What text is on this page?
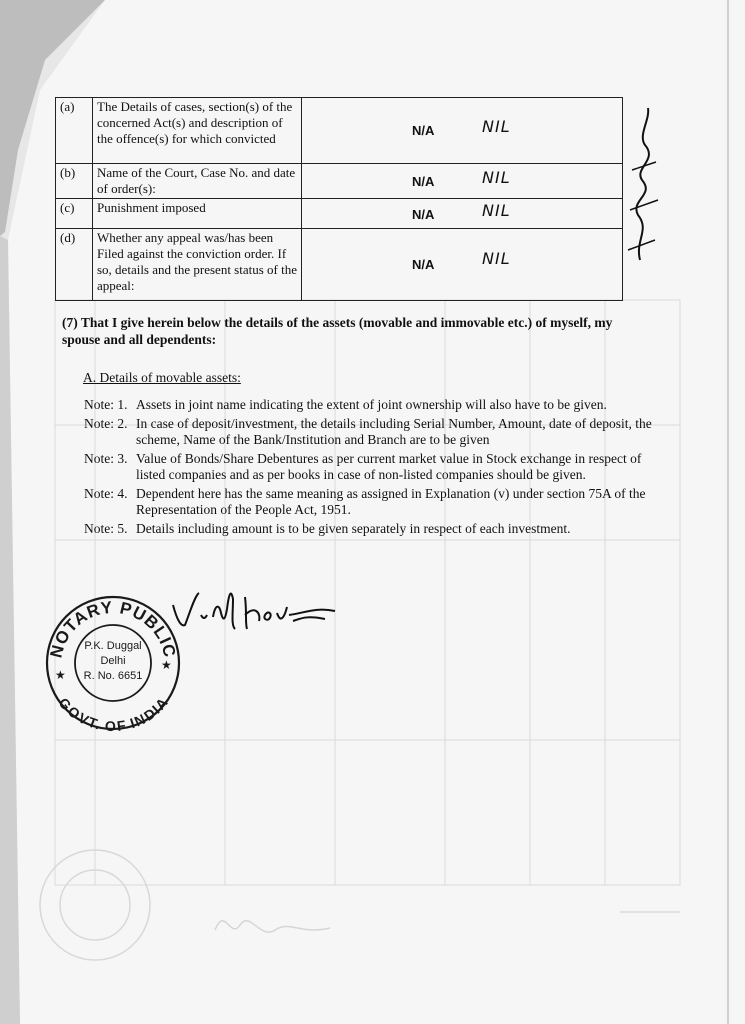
(a)	The Details of cases, section(s) of the concerned Act(s) and description of the offence(s) for which convicted	N/A NIL

(b)	Name of the Court, Case No. and date of order(s):	N/A NIL

(c)	Punishment imposed	N/A NIL

(d)	Whether any appeal was/has been Filed against the conviction order. If so, details and the present status of the appeal:	N/A NIL
(7) That I give herein below the details of the assets (movable and immovable etc.) of myself, my spouse and all dependents:
A. Details of movable assets:
Note: 1. Assets in joint name indicating the extent of joint ownership will also have to be given.
Note: 2. In case of deposit/investment, the details including Serial Number, Amount, date of deposit, the scheme, Name of the Bank/Institution and Branch are to be given
Note: 3. Value of Bonds/Share Debentures as per current market value in Stock exchange in respect of listed companies and as per books in case of non-listed companies should be given.
Note: 4. Dependent here has the same meaning as assigned in Explanation (v) under section 75A of the Representation of the People Act, 1951.
Note: 5. Details including amount is to be given separately in respect of each investment.
NOTARY PUBLIC
GOVT. OF INDIA
★
★
P.K. Duggal
Delhi
R. No. 6651
